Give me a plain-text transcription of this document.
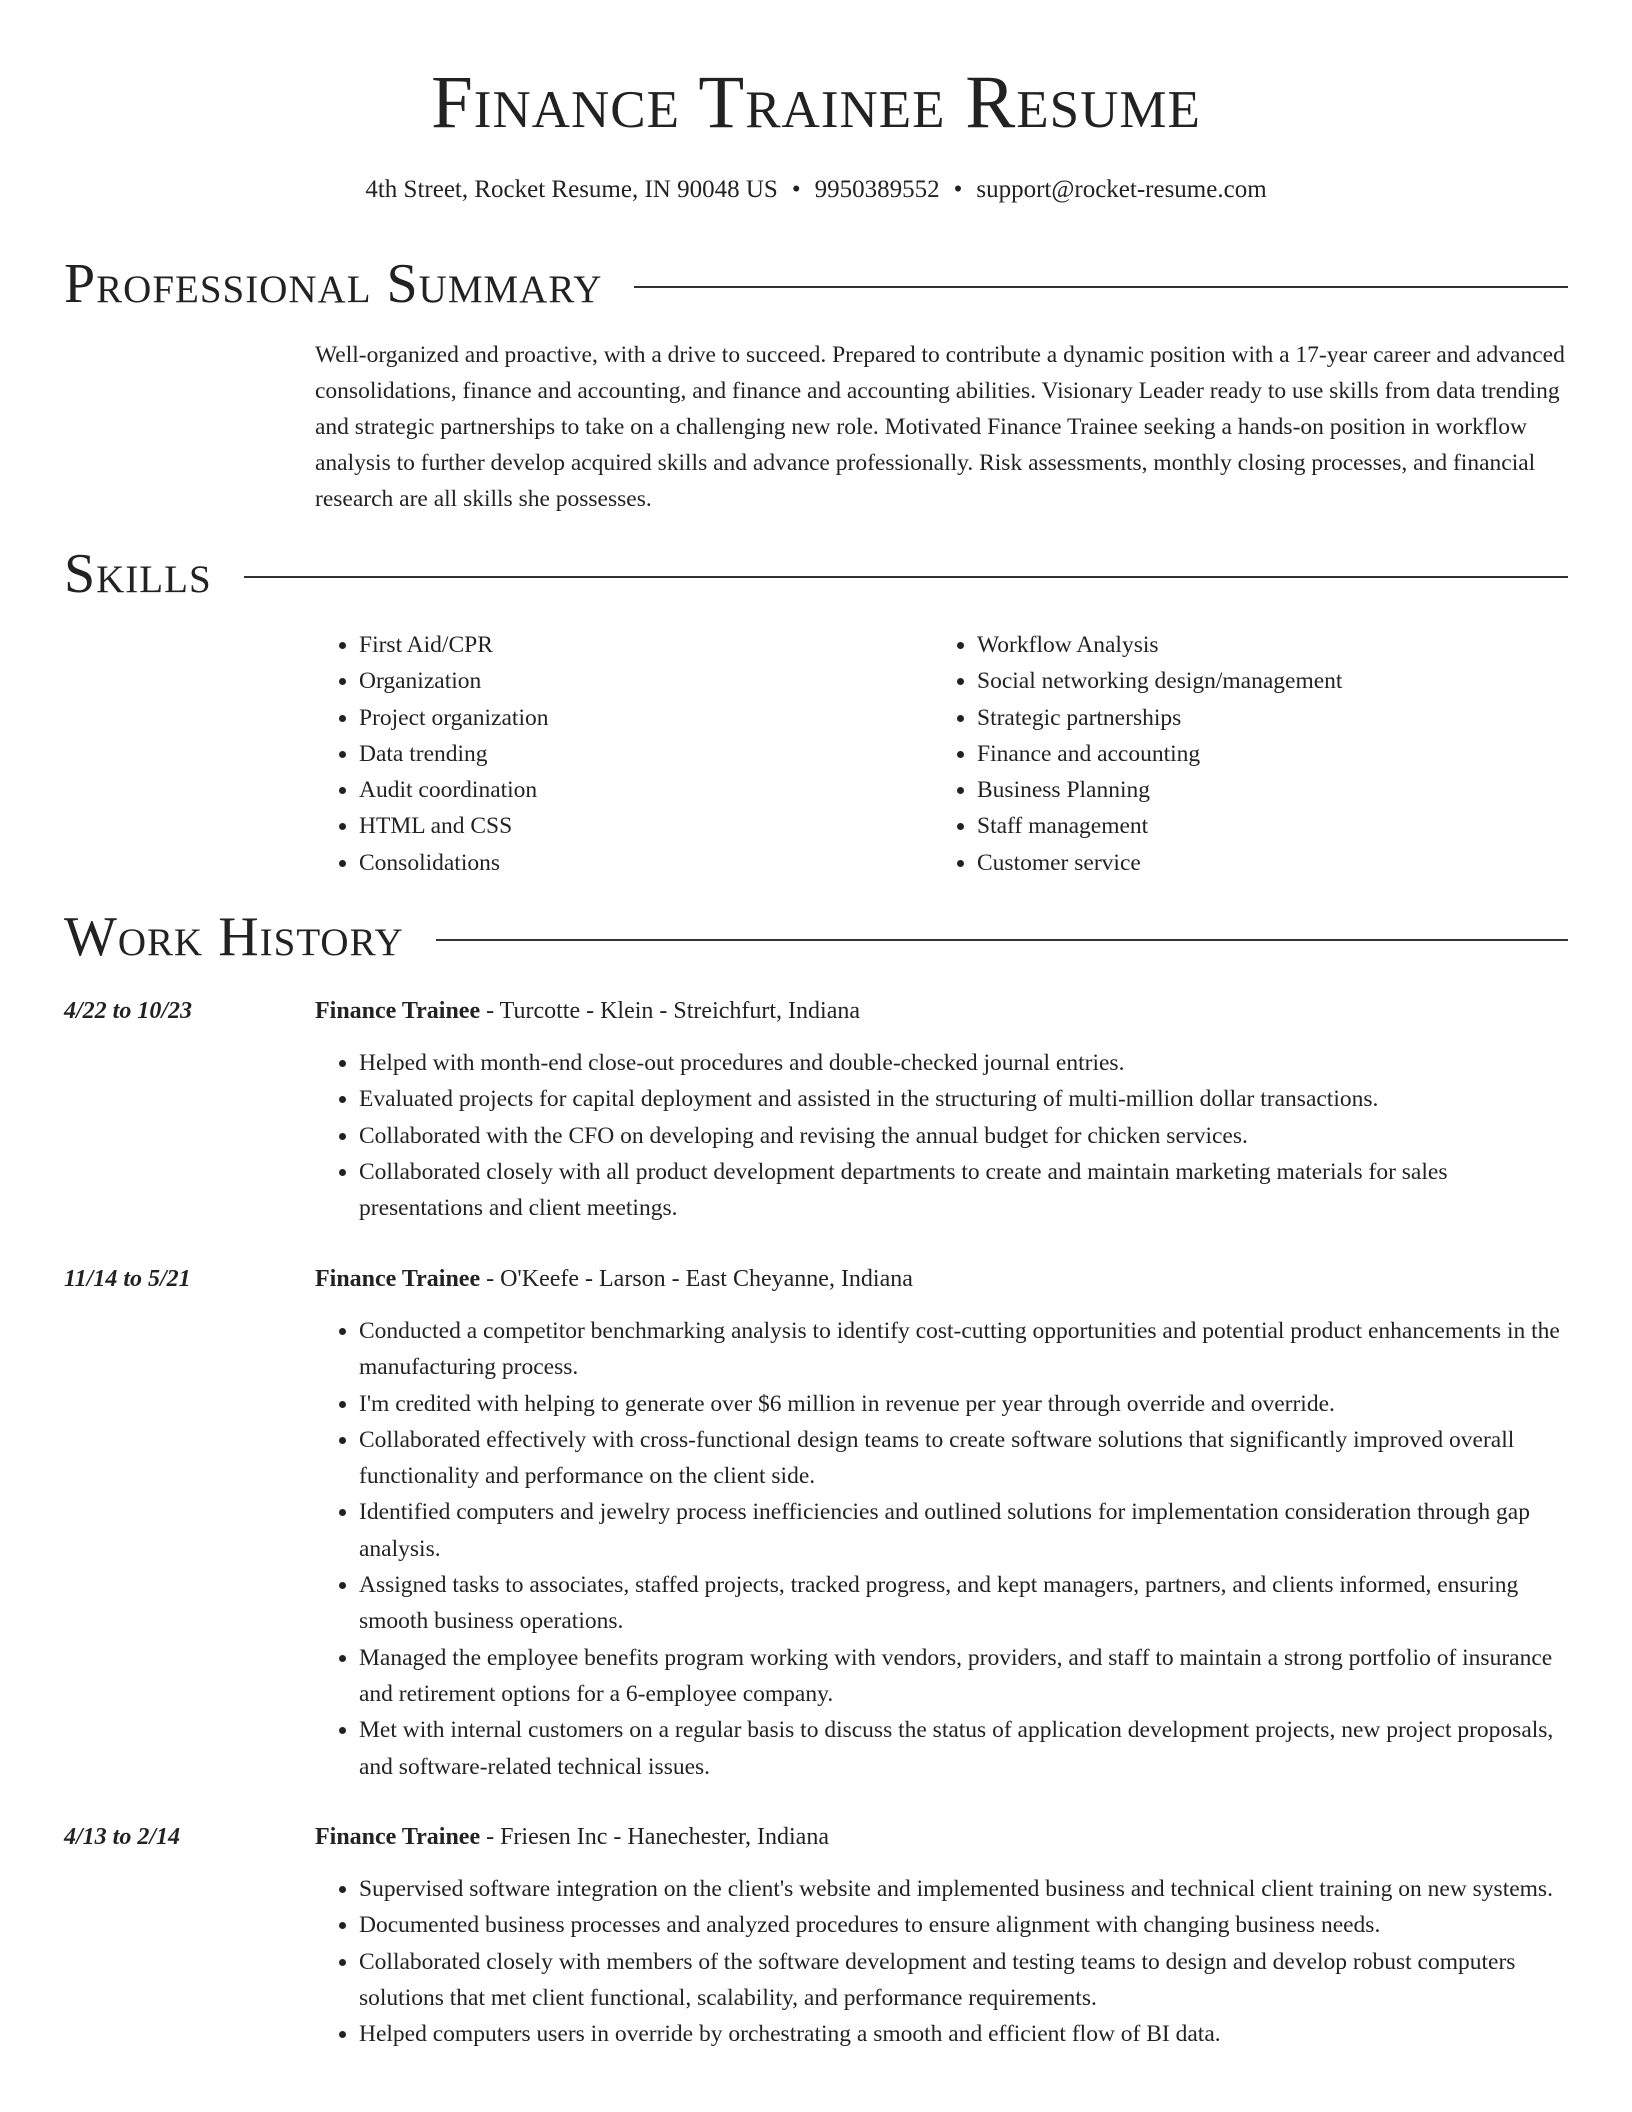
Finance Trainee Resume
4th Street, Rocket Resume, IN 90048 US • 9950389552 • support@rocket-resume.com
Professional Summary

Well-organized and proactive, with a drive to succeed. Prepared to contribute a dynamic position with a 17-year career and advanced consolidations, finance and accounting, and finance and accounting abilities. Visionary Leader ready to use skills from data trending and strategic partnerships to take on a challenging new role. Motivated Finance Trainee seeking a hands-on position in workflow analysis to further develop acquired skills and advance professionally. Risk assessments, monthly closing processes, and financial research are all skills she possesses.

Skills
• First Aid/CPR
• Organization
• Project organization
• Data trending
• Audit coordination
• HTML and CSS
• Consolidations
• Workflow Analysis
• Social networking design/management
• Strategic partnerships
• Finance and accounting
• Business Planning
• Staff management
• Customer service
Work History
4/22 to 10/23	Finance Trainee - Turcotte - Klein - Streichfurt, Indiana
• Helped with month-end close-out procedures and double-checked journal entries.
• Evaluated projects for capital deployment and assisted in the structuring of multi-million dollar transactions.
• Collaborated with the CFO on developing and revising the annual budget for chicken services.
• Collaborated closely with all product development departments to create and maintain marketing materials for sales presentations and client meetings.
11/14 to 5/21	Finance Trainee - O'Keefe - Larson - East Cheyanne, Indiana
• Conducted a competitor benchmarking analysis to identify cost-cutting opportunities and potential product enhancements in the manufacturing process.
• I'm credited with helping to generate over $6 million in revenue per year through override and override.
• Collaborated effectively with cross-functional design teams to create software solutions that significantly improved overall functionality and performance on the client side.
• Identified computers and jewelry process inefficiencies and outlined solutions for implementation consideration through gap analysis.
• Assigned tasks to associates, staffed projects, tracked progress, and kept managers, partners, and clients informed, ensuring smooth business operations.
• Managed the employee benefits program working with vendors, providers, and staff to maintain a strong portfolio of insurance and retirement options for a 6-employee company.
• Met with internal customers on a regular basis to discuss the status of application development projects, new project proposals, and software-related technical issues.
4/13 to 2/14	Finance Trainee - Friesen Inc - Hanechester, Indiana
• Supervised software integration on the client's website and implemented business and technical client training on new systems.
• Documented business processes and analyzed procedures to ensure alignment with changing business needs.
• Collaborated closely with members of the software development and testing teams to design and develop robust computers solutions that met client functional, scalability, and performance requirements.
• Helped computers users in override by orchestrating a smooth and efficient flow of BI data.
